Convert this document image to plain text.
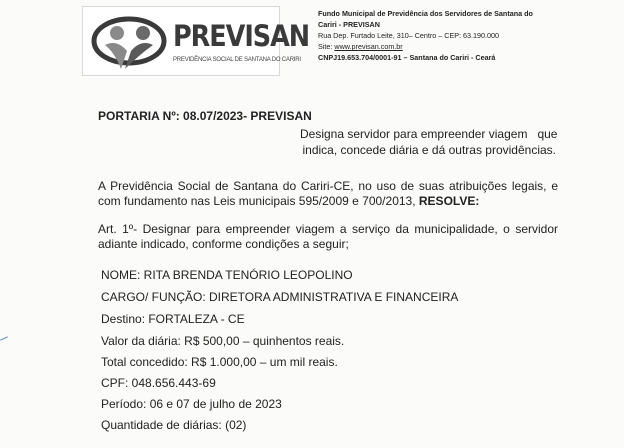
PREVISAN
PREVIDÊNCIA SOCIAL DE SANTANA DO CARIRI
Fundo Municipal de Previdência dos Servidores de Santana do
Cariri - PREVISAN
Rua Dep. Furtado Leite, 310– Centro – CEP: 63.190.000
Site: www.previsan.com.br
CNPJ19.653.704/0001-91 – Santana do Cariri - Ceará
PORTARIA Nº: 08.07/2023- PREVISAN
Designa servidor para empreender viagem   que
indica, concede diária e dá outras providências.
A Previdência Social de Santana do Cariri-CE, no uso de suas atribuições legais, e com fundamento nas Leis municipais 595/2009 e 700/2013, RESOLVE:
Art. 1º- Designar para empreender viagem a serviço da municipalidade, o servidor adiante indicado, conforme condições a seguir;
NOME: RITA BRENDA TENÓRIO LEOPOLINO
CARGO/ FUNÇÃO: DIRETORA ADMINISTRATIVA E FINANCEIRA
Destino: FORTALEZA - CE
Valor da diária: R$ 500,00 – quinhentos reais.
Total concedido: R$ 1.000,00 – um mil reais.
CPF: 048.656.443-69
Período: 06 e 07 de julho de 2023
Quantidade de diárias: (02)
